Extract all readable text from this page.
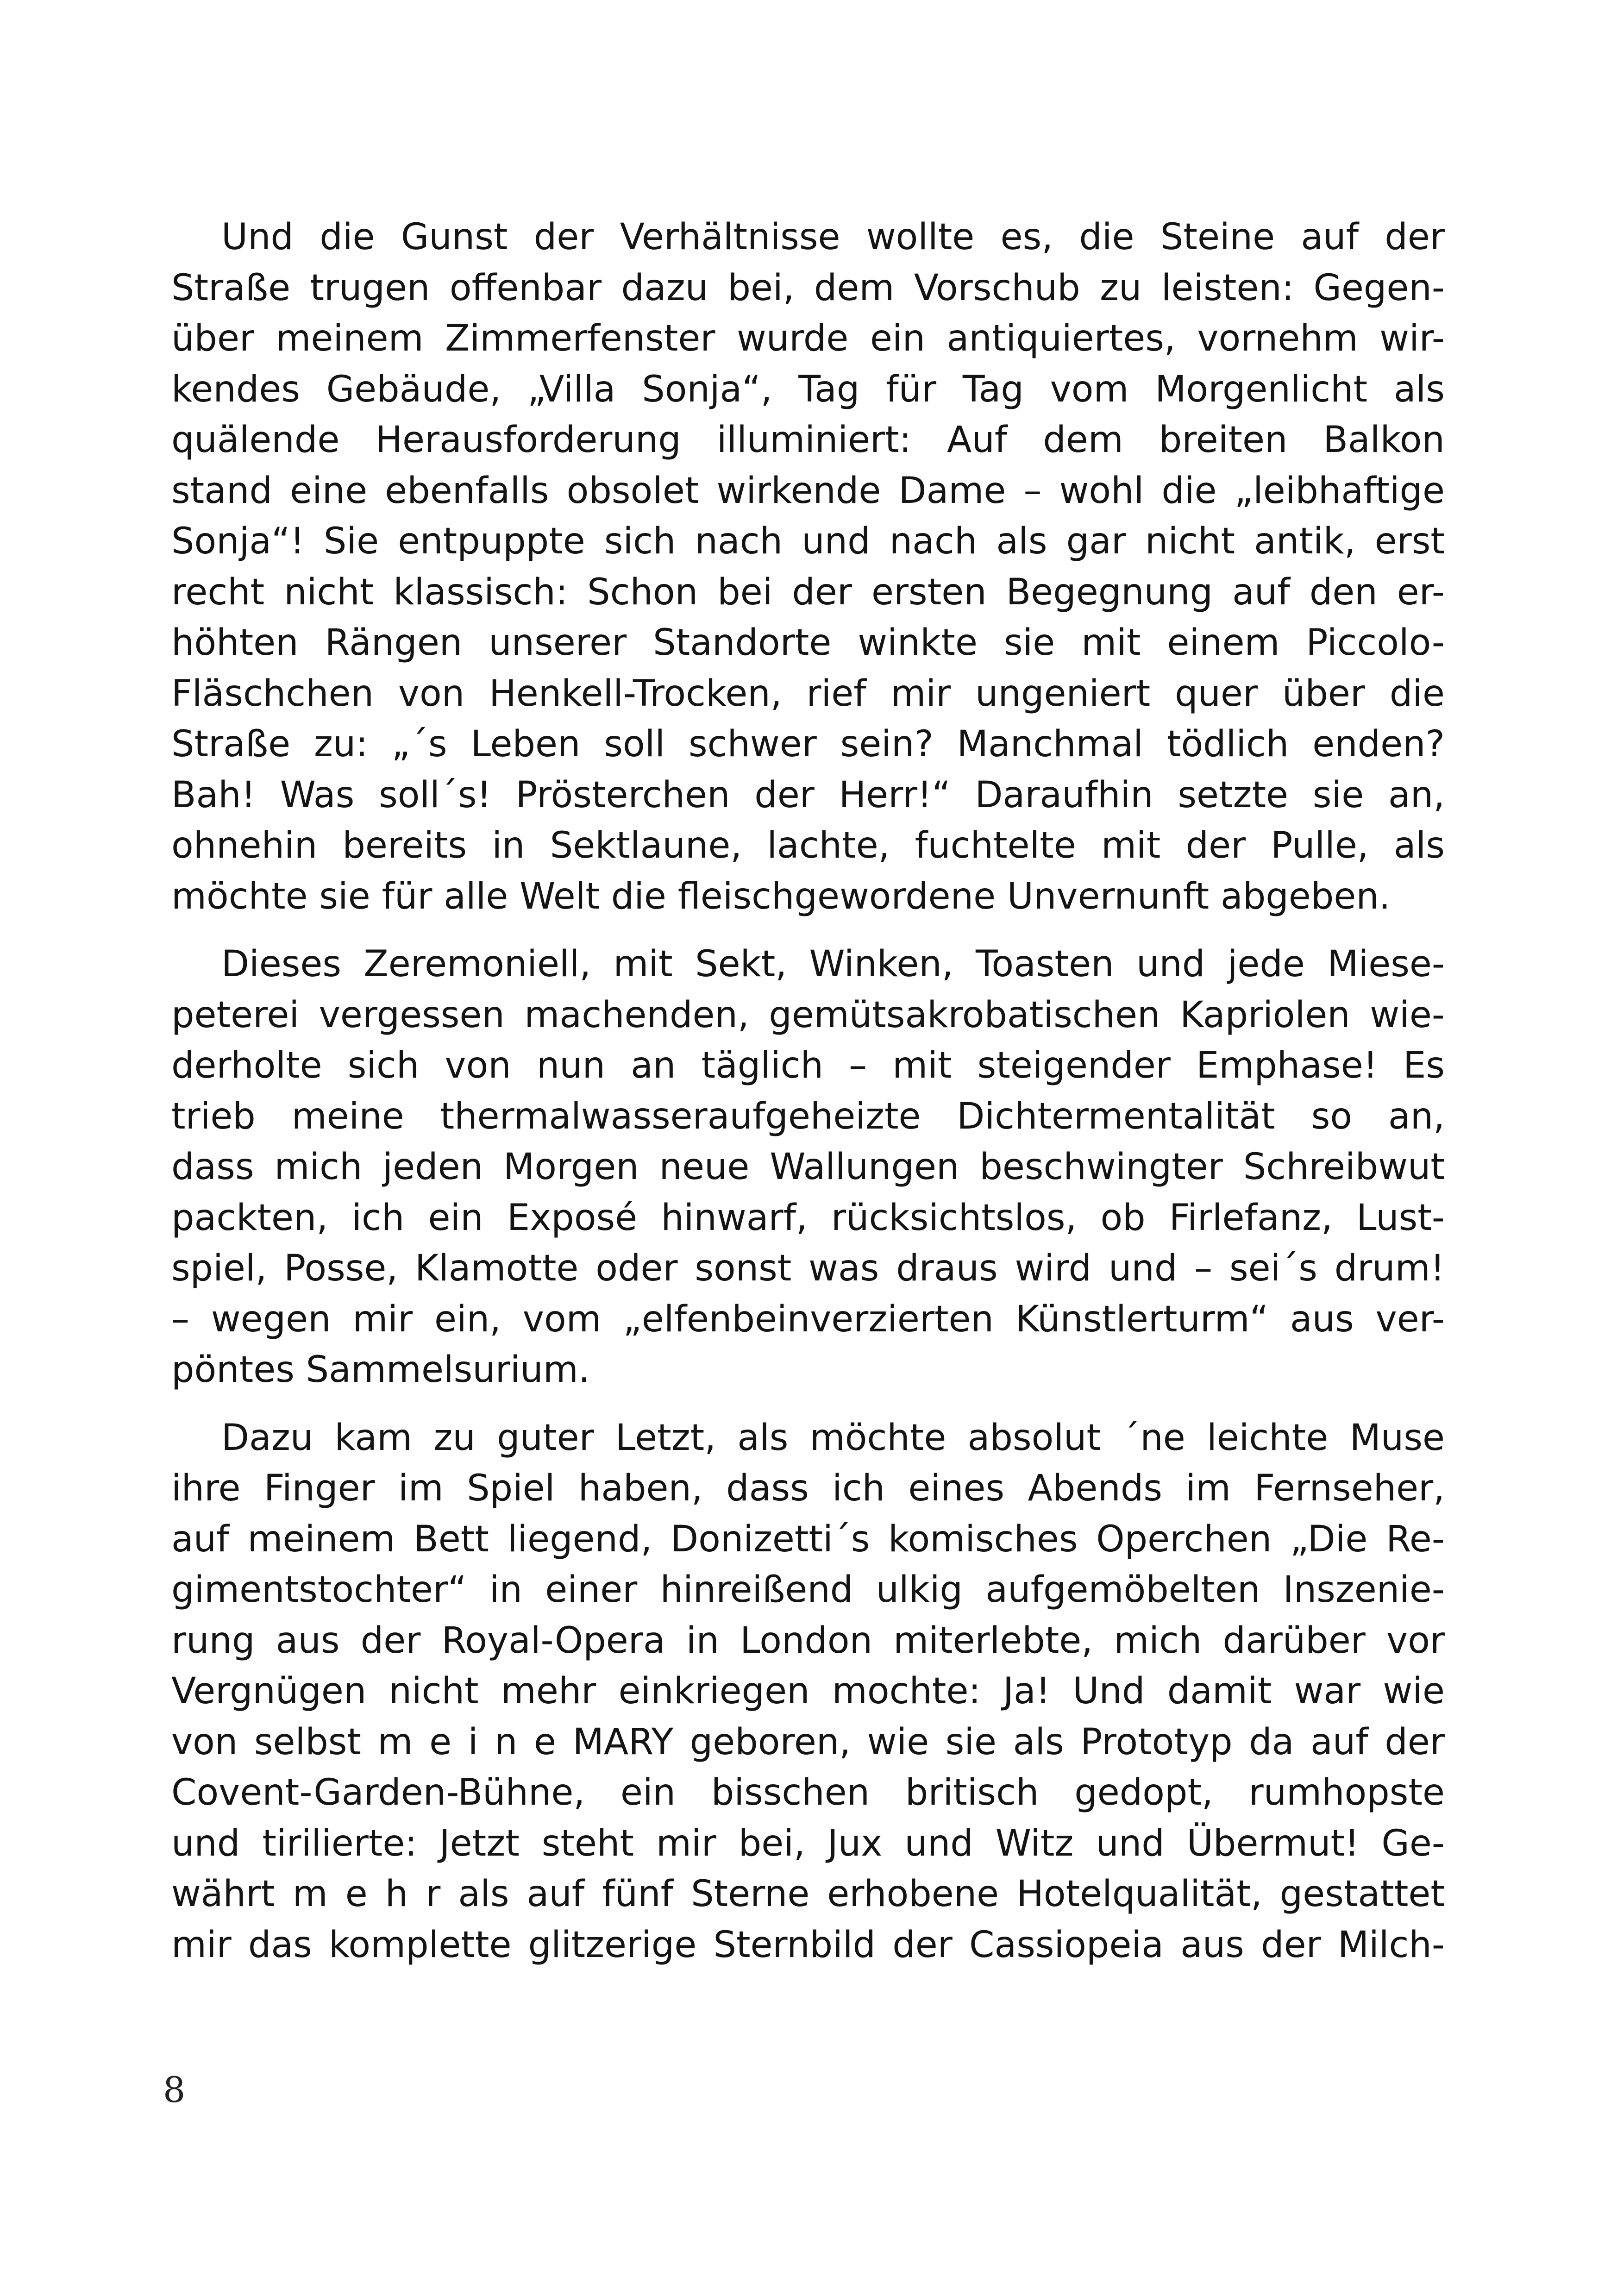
Und die Gunst der Verhältnisse wollte es, die Steine auf der
Straße trugen offenbar dazu bei, dem Vorschub zu leisten: Gegen-
über meinem Zimmerfenster wurde ein antiquiertes, vornehm wir-
kendes Gebäude, „Villa Sonja“, Tag für Tag vom Morgenlicht als
quälende Herausforderung illuminiert: Auf dem breiten Balkon
stand eine ebenfalls obsolet wirkende Dame – wohl die „leibhaftige
Sonja“! Sie entpuppte sich nach und nach als gar nicht antik, erst
recht nicht klassisch: Schon bei der ersten Begegnung auf den er-
höhten Rängen unserer Standorte winkte sie mit einem Piccolo-
Fläschchen von Henkell-Trocken, rief mir ungeniert quer über die
Straße zu: „´s Leben soll schwer sein? Manchmal tödlich enden?
Bah! Was soll´s! Prösterchen der Herr!“ Daraufhin setzte sie an,
ohnehin bereits in Sektlaune, lachte, fuchtelte mit der Pulle, als
möchte sie für alle Welt die fleischgewordene Unvernunft abgeben.

Dieses Zeremoniell, mit Sekt, Winken, Toasten und jede Miese-
peterei vergessen machenden, gemütsakrobatischen Kapriolen wie-
derholte sich von nun an täglich – mit steigender Emphase! Es
trieb meine thermalwasseraufgeheizte Dichtermentalität so an,
dass mich jeden Morgen neue Wallungen beschwingter Schreibwut
packten, ich ein Exposé hinwarf, rücksichtslos, ob Firlefanz, Lust-
spiel, Posse, Klamotte oder sonst was draus wird und – sei´s drum!
– wegen mir ein, vom „elfenbeinverzierten Künstlerturm“ aus ver-
pöntes Sammelsurium.

Dazu kam zu guter Letzt, als möchte absolut ´ne leichte Muse
ihre Finger im Spiel haben, dass ich eines Abends im Fernseher,
auf meinem Bett liegend, Donizetti´s komisches Operchen „Die Re-
gimentstochter“ in einer hinreißend ulkig aufgemöbelten Inszenie-
rung aus der Royal-Opera in London miterlebte, mich darüber vor
Vergnügen nicht mehr einkriegen mochte: Ja! Und damit war wie
von selbst m e i n e MARY geboren, wie sie als Prototyp da auf der
Covent-Garden-Bühne, ein bisschen britisch gedopt, rumhopste
und tirilierte: Jetzt steht mir bei, Jux und Witz und Übermut! Ge-
währt m e h r als auf fünf Sterne erhobene Hotelqualität, gestattet
mir das komplette glitzerige Sternbild der Cassiopeia aus der Milch-

8
